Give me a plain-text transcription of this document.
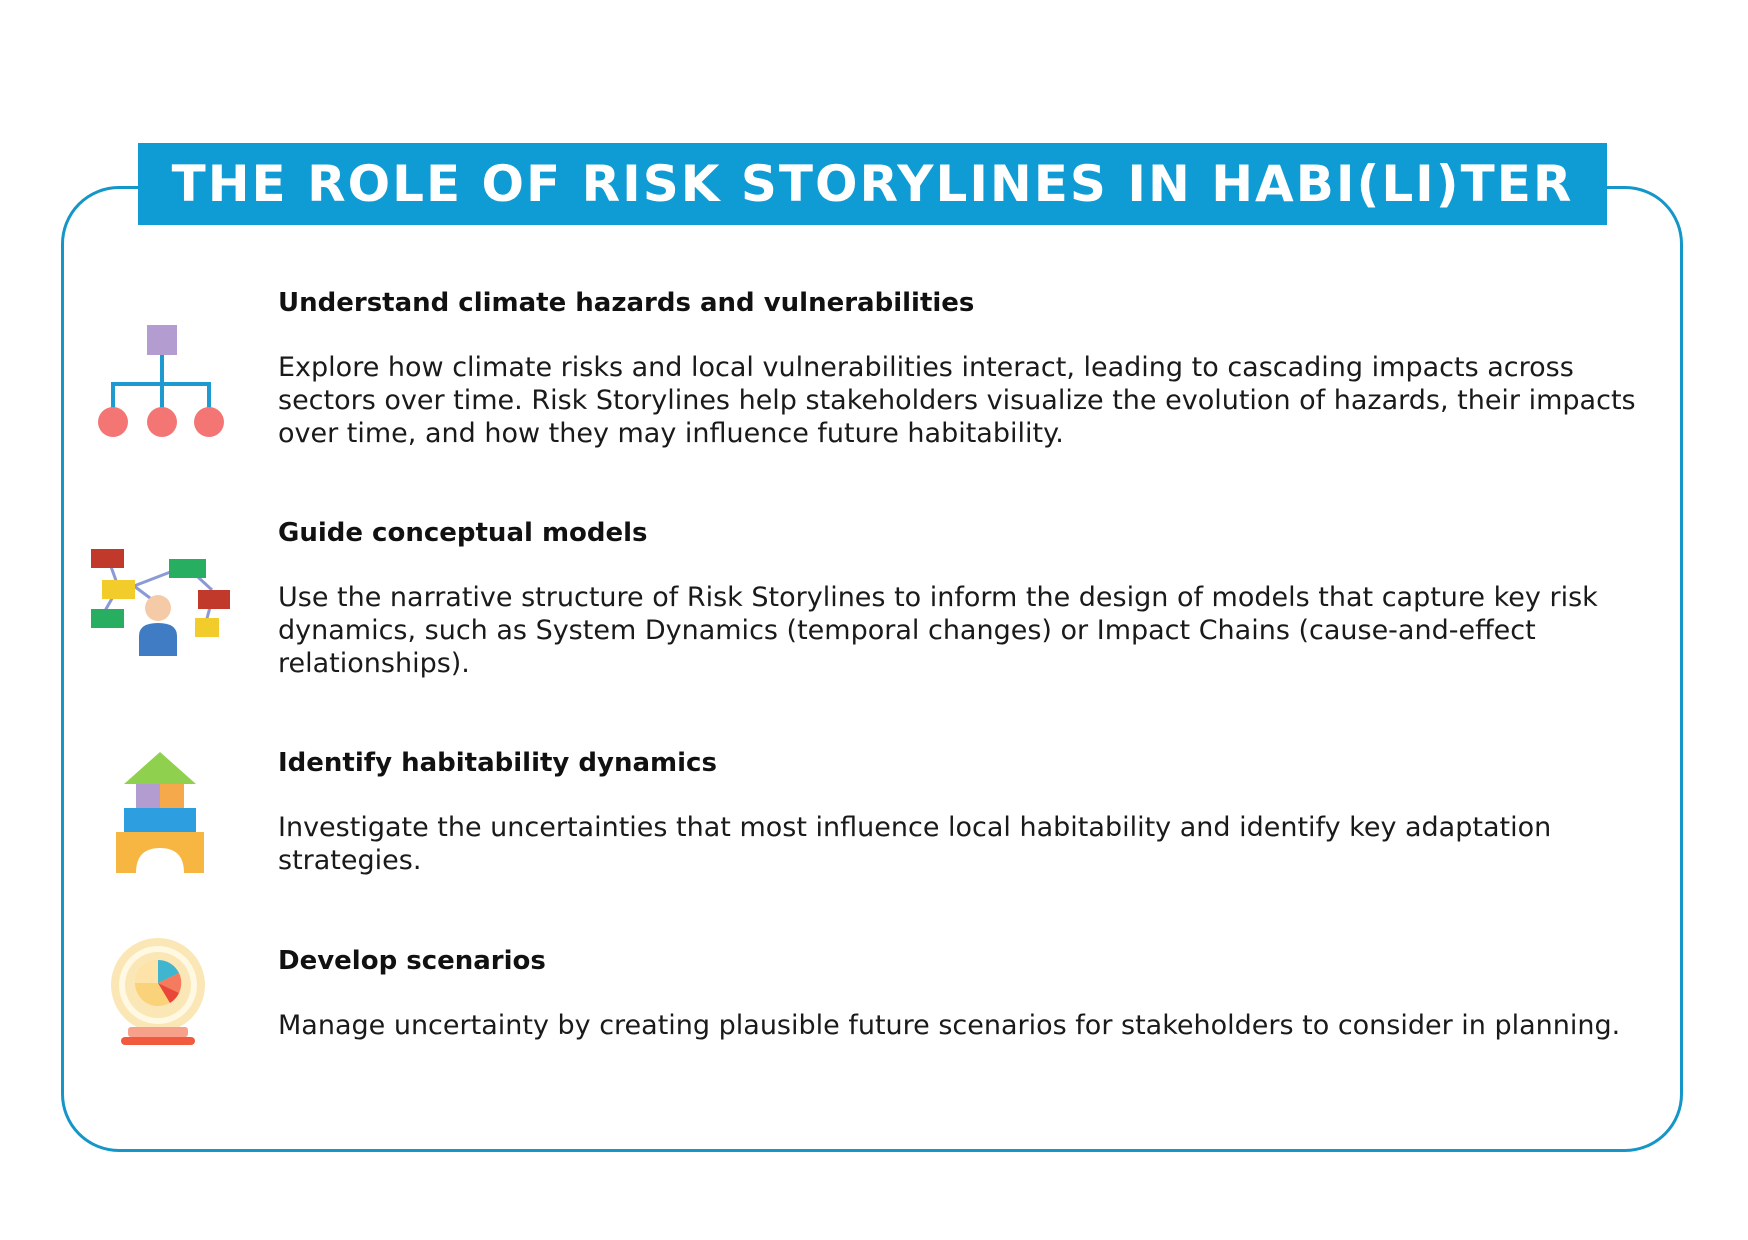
THE ROLE OF RISK STORYLINES IN HABI(LI)TER
Understand climate hazards and vulnerabilities

Explore how climate risks and local vulnerabilities interact, leading to cascading impacts across sectors over time. Risk Storylines help stakeholders visualize the evolution of hazards, their impacts over time, and how they may influence future habitability.

Guide conceptual models

Use the narrative structure of Risk Storylines to inform the design of models that capture key risk dynamics, such as System Dynamics (temporal changes) or Impact Chains (cause-and-effect relationships).

Identify habitability dynamics

Investigate the uncertainties that most influence local habitability and identify key adaptation strategies.

Develop scenarios

Manage uncertainty by creating plausible future scenarios for stakeholders to consider in planning.
